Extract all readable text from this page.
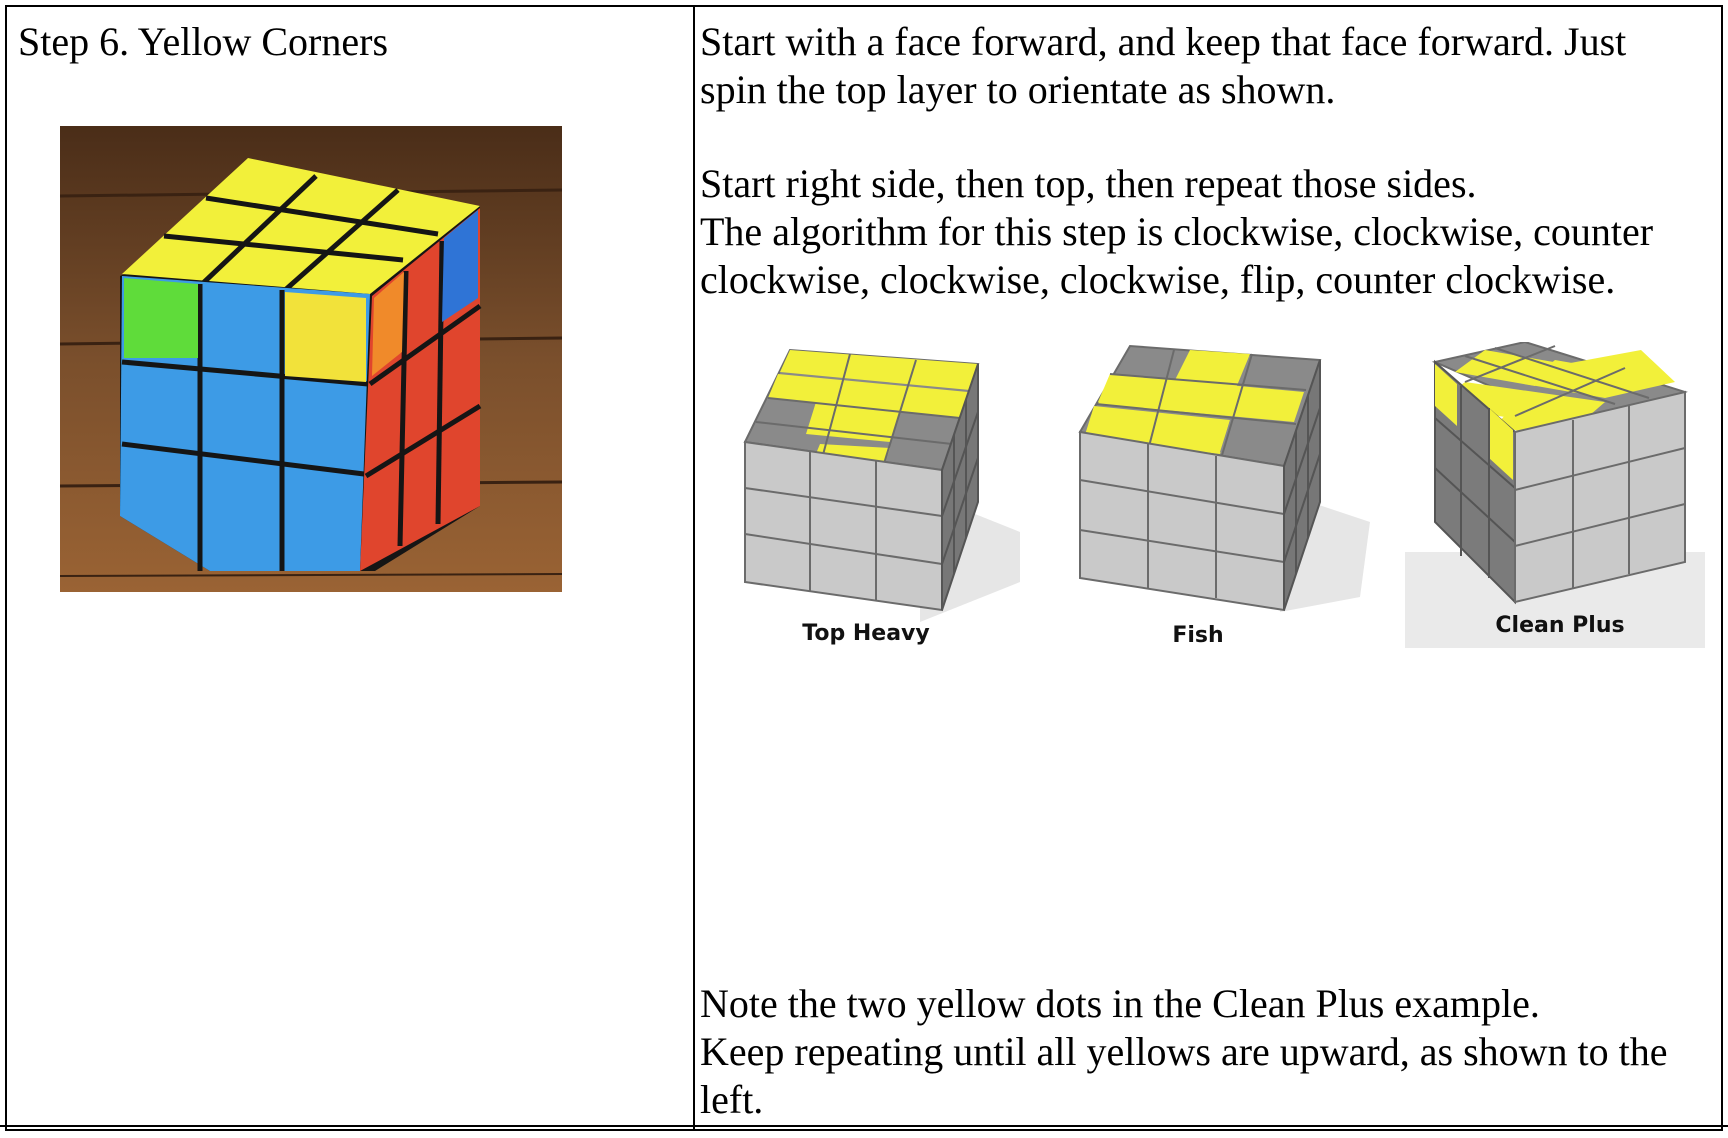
Step 6. Yellow Corners	Start with a face forward, and keep that face forward. Just
spin the top layer to orientate as shown.
Start right side, then top, then repeat those sides.
The algorithm for this step is clockwise, clockwise, counter
clockwise, clockwise, clockwise, flip, counter clockwise.
Top Heavy	Fish	Clean Plus
Note the two yellow dots in the Clean Plus example.
Keep repeating until all yellows are upward, as shown to the
left.
